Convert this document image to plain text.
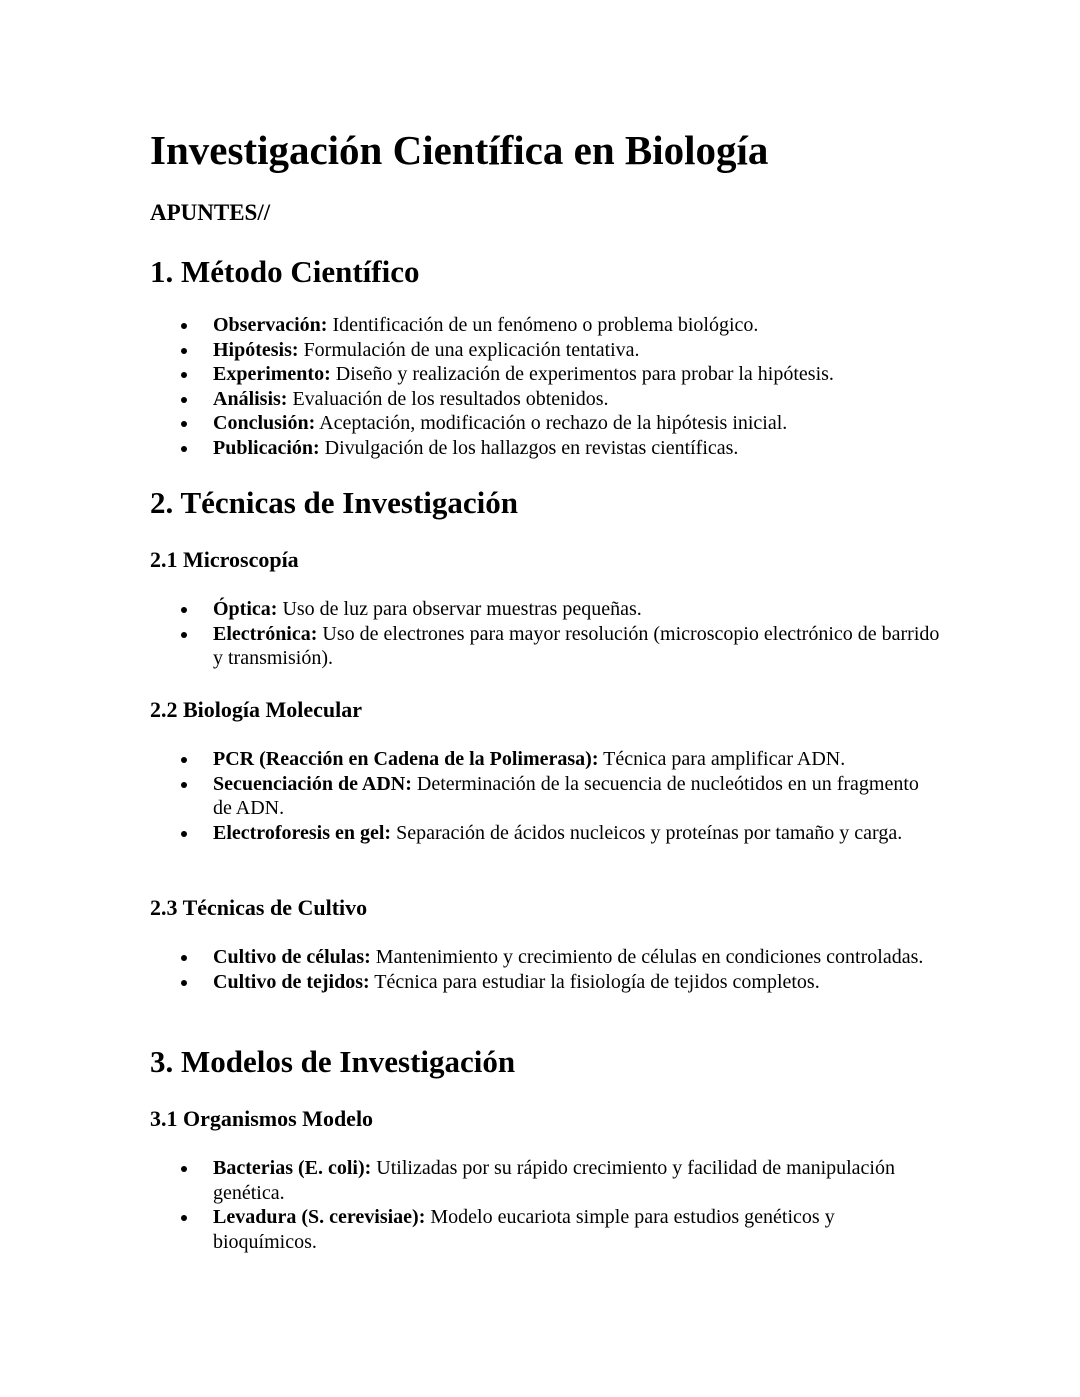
Investigación Científica en Biología

APUNTES//

1. Método Científico
Observación: Identificación de un fenómeno o problema biológico.
Hipótesis: Formulación de una explicación tentativa.
Experimento: Diseño y realización de experimentos para probar la hipótesis.
Análisis: Evaluación de los resultados obtenidos.
Conclusión: Aceptación, modificación o rechazo de la hipótesis inicial.
Publicación: Divulgación de los hallazgos en revistas científicas.
2. Técnicas de Investigación
2.1 Microscopía
Óptica: Uso de luz para observar muestras pequeñas.
Electrónica: Uso de electrones para mayor resolución (microscopio electrónico de barrido y transmisión).
2.2 Biología Molecular
PCR (Reacción en Cadena de la Polimerasa): Técnica para amplificar ADN.
Secuenciación de ADN: Determinación de la secuencia de nucleótidos en un fragmento de ADN.
Electroforesis en gel: Separación de ácidos nucleicos y proteínas por tamaño y carga.
2.3 Técnicas de Cultivo
Cultivo de células: Mantenimiento y crecimiento de células en condiciones controladas.
Cultivo de tejidos: Técnica para estudiar la fisiología de tejidos completos.
3. Modelos de Investigación
3.1 Organismos Modelo
Bacterias (E. coli): Utilizadas por su rápido crecimiento y facilidad de manipulación genética.
Levadura (S. cerevisiae): Modelo eucariota simple para estudios genéticos y bioquímicos.
